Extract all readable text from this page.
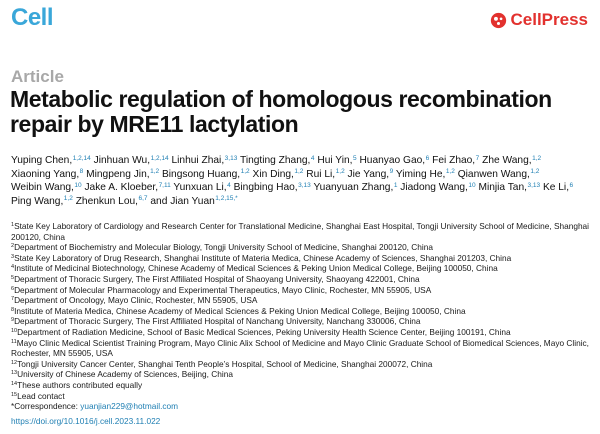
Cell	CellPress
Article
Metabolic regulation of homologous recombination repair by MRE11 lactylation
Yuping Chen,$^{1,2,14}$ Jinhuan Wu,$^{1,2,14}$ Linhui Zhai,$^{3,13}$ Tingting Zhang,$^4$ Hui Yin,$^5$ Huanyao Gao,$^6$ Fei Zhao,$^7$ Zhe Wang,$^{1,2}$ Xiaoning Yang,$^8$ Mingpeng Jin,$^{1,2}$ Bingsong Huang,$^{1,2}$ Xin Ding,$^{1,2}$ Rui Li,$^{1,2}$ Jie Yang,$^9$ Yiming He,$^{1,2}$ Qianwen Wang,$^{1,2}$ Weibin Wang,$^{10}$ Jake A. Kloeber,$^{7,11}$ Yunxuan Li,$^4$ Bingbing Hao,$^{3,13}$ Yuanyuan Zhang,$^1$ Jiadong Wang,$^{10}$ Minjia Tan,$^{3,13}$ Ke Li,$^6$ Ping Wang,$^{1,2}$ Zhenkun Lou,$^{6,7}$ and Jian Yuan$^{1,2,15,*}$
$^1$State Key Laboratory of Cardiology and Research Center for Translational Medicine, Shanghai East Hospital, Tongji University School of Medicine, Shanghai 200120, China
$^2$Department of Biochemistry and Molecular Biology, Tongji University School of Medicine, Shanghai 200120, China
$^3$State Key Laboratory of Drug Research, Shanghai Institute of Materia Medica, Chinese Academy of Sciences, Shanghai 201203, China
$^4$Institute of Medicinal Biotechnology, Chinese Academy of Medical Sciences & Peking Union Medical College, Beijing 100050, China
$^5$Department of Thoracic Surgery, The First Affiliated Hospital of Shaoyang University, Shaoyang 422001, China
$^6$Department of Molecular Pharmacology and Experimental Therapeutics, Mayo Clinic, Rochester, MN 55905, USA
$^7$Department of Oncology, Mayo Clinic, Rochester, MN 55905, USA
$^8$Institute of Materia Medica, Chinese Academy of Medical Sciences & Peking Union Medical College, Beijing 100050, China
$^9$Department of Thoracic Surgery, The First Affiliated Hospital of Nanchang University, Nanchang 330006, China
$^{10}$Department of Radiation Medicine, School of Basic Medical Sciences, Peking University Health Science Center, Beijing 100191, China
$^{11}$Mayo Clinic Medical Scientist Training Program, Mayo Clinic Alix School of Medicine and Mayo Clinic Graduate School of Biomedical Sciences, Mayo Clinic, Rochester, MN 55905, USA
$^{12}$Tongji University Cancer Center, Shanghai Tenth People’s Hospital, School of Medicine, Shanghai 200072, China
$^{13}$University of Chinese Academy of Sciences, Beijing, China
$^{14}$These authors contributed equally
$^{15}$Lead contact
*Correspondence: yuanjian229@hotmail.com
https://doi.org/10.1016/j.cell.2023.11.022
